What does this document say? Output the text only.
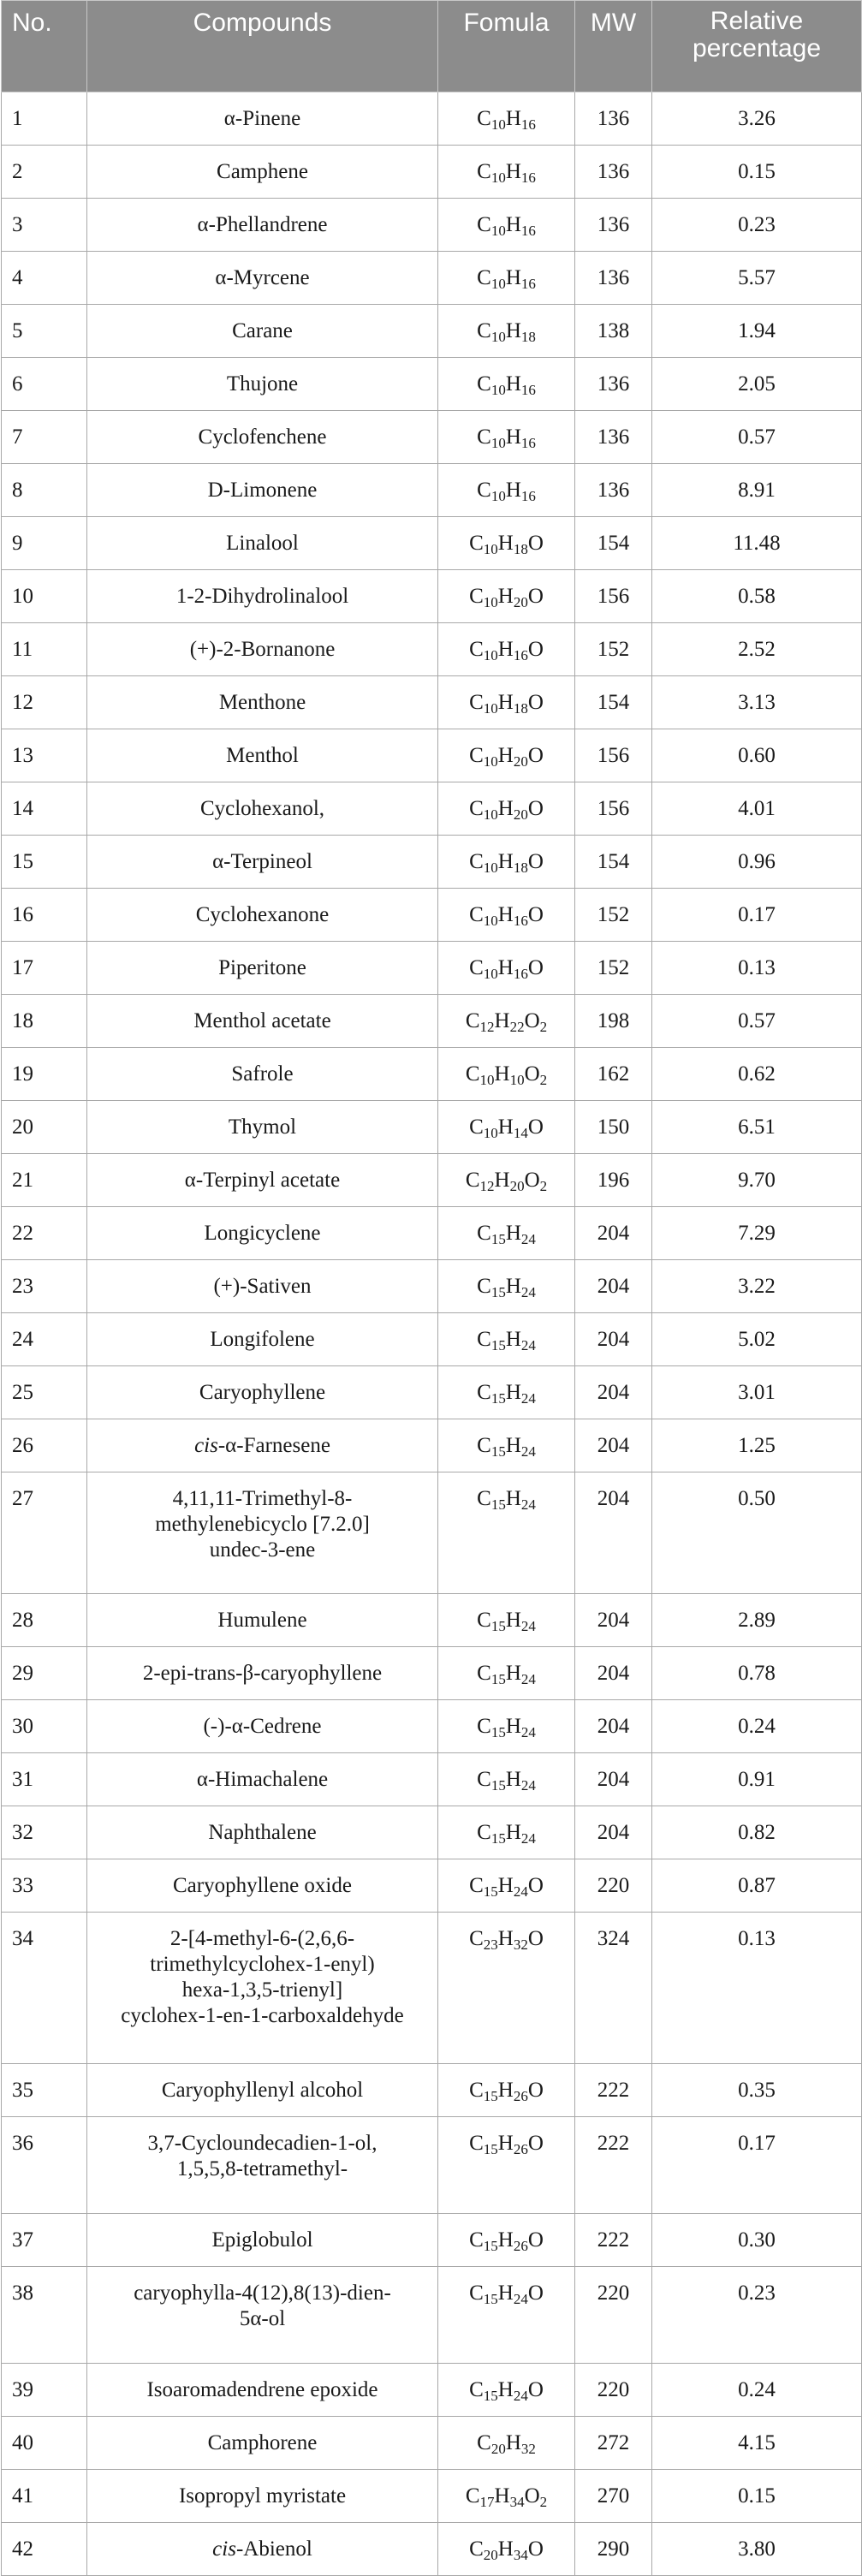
No.	Compounds	Fomula	MW	Relative percentage

1	α-Pinene	$C_{10}H_{16}$	136	3.26
2	Camphene	$C_{10}H_{16}$	136	0.15
3	α-Phellandrene	$C_{10}H_{16}$	136	0.23
4	α-Myrcene	$C_{10}H_{16}$	136	5.57
5	Carane	$C_{10}H_{18}$	138	1.94
6	Thujone	$C_{10}H_{16}$	136	2.05
7	Cyclofenchene	$C_{10}H_{16}$	136	0.57
8	D-Limonene	$C_{10}H_{16}$	136	8.91
9	Linalool	$C_{10}H_{18}O$	154	11.48
10	1-2-Dihydrolinalool	$C_{10}H_{20}O$	156	0.58
11	(+)-2-Bornanone	$C_{10}H_{16}O$	152	2.52
12	Menthone	$C_{10}H_{18}O$	154	3.13
13	Menthol	$C_{10}H_{20}O$	156	0.60
14	Cyclohexanol,	$C_{10}H_{20}O$	156	4.01
15	α-Terpineol	$C_{10}H_{18}O$	154	0.96
16	Cyclohexanone	$C_{10}H_{16}O$	152	0.17
17	Piperitone	$C_{10}H_{16}O$	152	0.13
18	Menthol acetate	$C_{12}H_{22}O_2$	198	0.57
19	Safrole	$C_{10}H_{10}O_2$	162	0.62
20	Thymol	$C_{10}H_{14}O$	150	6.51
21	α-Terpinyl acetate	$C_{12}H_{20}O_2$	196	9.70
22	Longicyclene	$C_{15}H_{24}$	204	7.29
23	(+)-Sativen	$C_{15}H_{24}$	204	3.22
24	Longifolene	$C_{15}H_{24}$	204	5.02
25	Caryophyllene	$C_{15}H_{24}$	204	3.01
26	cis-α-Farnesene	$C_{15}H_{24}$	204	1.25
27	4,11,11-Trimethyl-8-
methylenebicyclo [7.2.0]
undec-3-ene	$C_{15}H_{24}$	204	0.50
28	Humulene	$C_{15}H_{24}$	204	2.89
29	2-epi-trans-β-caryophyllene	$C_{15}H_{24}$	204	0.78
30	(-)-α-Cedrene	$C_{15}H_{24}$	204	0.24
31	α-Himachalene	$C_{15}H_{24}$	204	0.91
32	Naphthalene	$C_{15}H_{24}$	204	0.82
33	Caryophyllene oxide	$C_{15}H_{24}O$	220	0.87
34	2-[4-methyl-6-(2,6,6-
trimethylcyclohex-1-enyl)
hexa-1,3,5-trienyl]
cyclohex-1-en-1-carboxaldehyde	$C_{23}H_{32}O$	324	0.13
35	Caryophyllenyl alcohol	$C_{15}H_{26}O$	222	0.35
36	3,7-Cycloundecadien-1-ol,
1,5,5,8-tetramethyl-	$C_{15}H_{26}O$	222	0.17
37	Epiglobulol	$C_{15}H_{26}O$	222	0.30
38	caryophylla-4(12),8(13)-dien-
5α-ol	$C_{15}H_{24}O$	220	0.23
39	Isoaromadendrene epoxide	$C_{15}H_{24}O$	220	0.24
40	Camphorene	$C_{20}H_{32}$	272	4.15
41	Isopropyl myristate	$C_{17}H_{34}O_2$	270	0.15
42	cis-Abienol	$C_{20}H_{34}O$	290	3.80
